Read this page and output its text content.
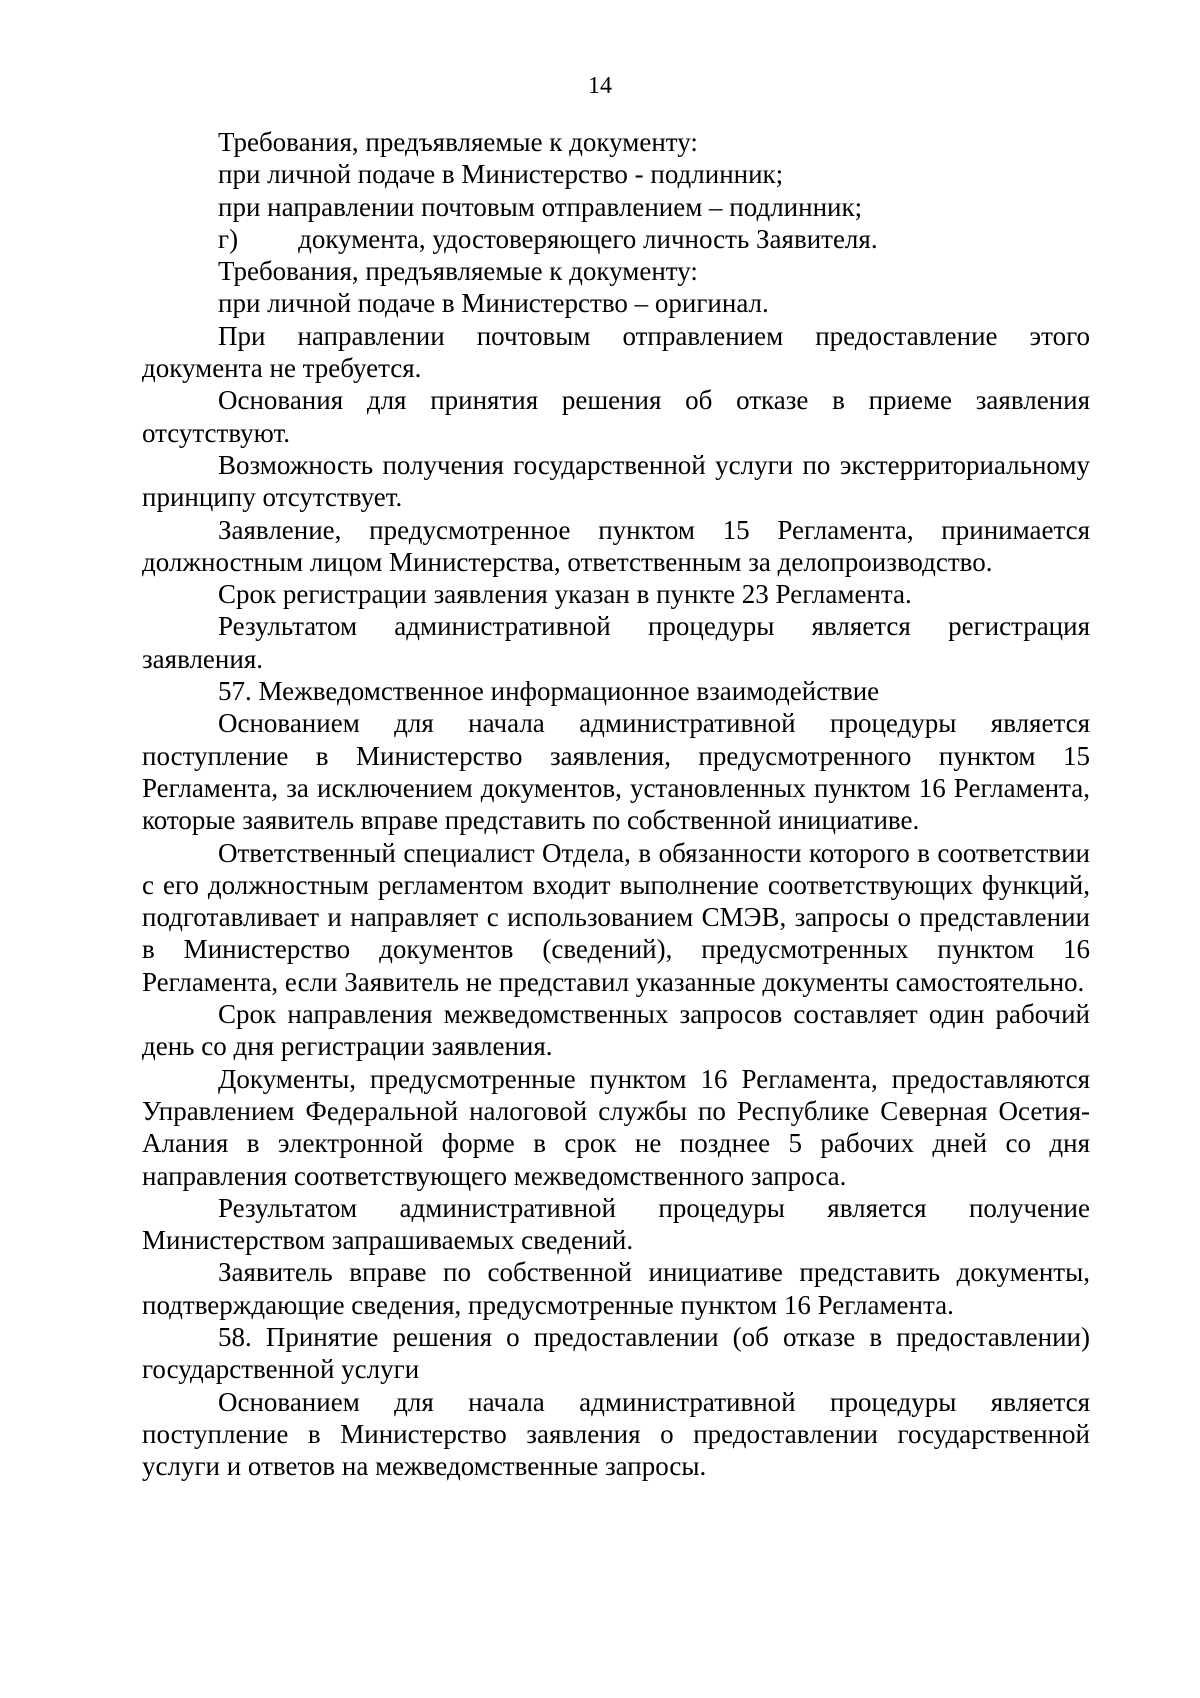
14

Требования, предъявляемые к документу:

при личной подаче в Министерство - подлинник;

при направлении почтовым отправлением – подлинник;

г) документа, удостоверяющего личность Заявителя.

Требования, предъявляемые к документу:

при личной подаче в Министерство – оригинал.

При направлении почтовым отправлением предоставление этого документа не требуется.

Основания для принятия решения об отказе в приеме заявления отсутствуют.

Возможность получения государственной услуги по экстерриториальному принципу отсутствует.

Заявление, предусмотренное пунктом 15 Регламента, принимается должностным лицом Министерства, ответственным за делопроизводство.

Срок регистрации заявления указан в пункте 23 Регламента.

Результатом административной процедуры является регистрация заявления.

57. Межведомственное информационное взаимодействие

Основанием для начала административной процедуры является поступление в Министерство заявления, предусмотренного пунктом 15 Регламента, за исключением документов, установленных пунктом 16 Регламента, которые заявитель вправе представить по собственной инициативе.

Ответственный специалист Отдела, в обязанности которого в соответствии с его должностным регламентом входит выполнение соответствующих функций, подготавливает и направляет с использованием СМЭВ, запросы о представлении в Министерство документов (сведений), предусмотренных пунктом 16 Регламента, если Заявитель не представил указанные документы самостоятельно.

Срок направления межведомственных запросов составляет один рабочий день со дня регистрации заявления.

Документы, предусмотренные пунктом 16 Регламента, предоставляются Управлением Федеральной налоговой службы по Республике Северная Осетия-Алания в электронной форме в срок не позднее 5 рабочих дней со дня направления соответствующего межведомственного запроса.

Результатом административной процедуры является получение Министерством запрашиваемых сведений.

Заявитель вправе по собственной инициативе представить документы, подтверждающие сведения, предусмотренные пунктом 16 Регламента.

58. Принятие решения о предоставлении (об отказе в предоставлении) государственной услуги

Основанием для начала административной процедуры является поступление в Министерство заявления о предоставлении государственной услуги и ответов на межведомственные запросы.
